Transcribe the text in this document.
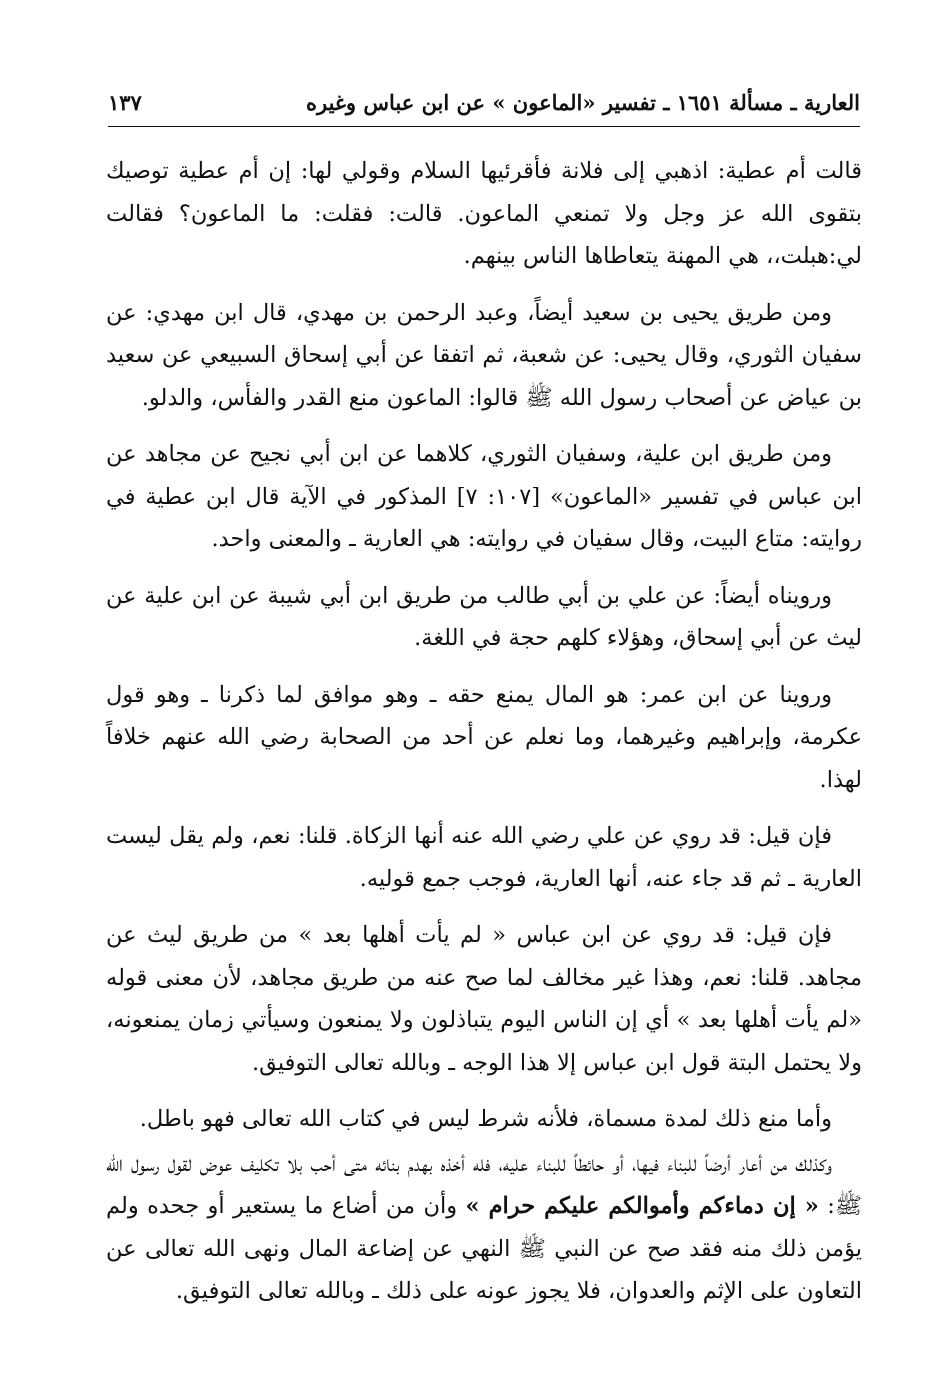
العارية ـ مسألة ١٦٥١ ـ تفسير «الماعون » عن ابن عباس وغيره
١٣٧

قالت أم عطية: اذهبي إلى فلانة فأقرئيها السلام وقولي لها: إن أم عطية توصيك بتقوى الله عز وجل ولا تمنعي الماعون. قالت: فقلت: ما الماعون؟ فقالت لي:هبلت،، هي المهنة يتعاطاها الناس بينهم.

ومن طريق يحيى بن سعيد أيضاً، وعبد الرحمن بن مهدي، قال ابن مهدي: عن سفيان الثوري، وقال يحيى: عن شعبة، ثم اتفقا عن أبي إسحاق السبيعي عن سعيد بن عياض عن أصحاب رسول الله ﷺ قالوا: الماعون منع القدر والفأس، والدلو.

ومن طريق ابن علية، وسفيان الثوري، كلاهما عن ابن أبي نجيح عن مجاهد عن ابن عباس في تفسير «الماعون» [١٠٧: ٧] المذكور في الآية قال ابن عطية في روايته: متاع البيت، وقال سفيان في روايته: هي العارية ـ والمعنى واحد.

ورويناه أيضاً: عن علي بن أبي طالب من طريق ابن أبي شيبة عن ابن علية عن ليث عن أبي إسحاق، وهؤلاء كلهم حجة في اللغة.

وروينا عن ابن عمر: هو المال يمنع حقه ـ وهو موافق لما ذكرنا ـ وهو قول عكرمة، وإبراهيم وغيرهما، وما نعلم عن أحد من الصحابة رضي الله عنهم خلافاً لهذا.

فإن قيل: قد روي عن علي رضي الله عنه أنها الزكاة. قلنا: نعم، ولم يقل ليست العارية ـ ثم قد جاء عنه، أنها العارية، فوجب جمع قوليه.

فإن قيل: قد روي عن ابن عباس « لم يأت أهلها بعد » من طريق ليث عن مجاهد. قلنا: نعم، وهذا غير مخالف لما صح عنه من طريق مجاهد، لأن معنى قوله «لم يأت أهلها بعد » أي إن الناس اليوم يتباذلون ولا يمنعون وسيأتي زمان يمنعونه، ولا يحتمل البتة قول ابن عباس إلا هذا الوجه ـ وبالله تعالى التوفيق.

وأما منع ذلك لمدة مسماة، فلأنه شرط ليس في كتاب الله تعالى فهو باطل.

وكذلك من أعار أرضاً للبناء فيها، أو حائطاً للبناء عليه، فله أخذه بهدم بنائه متى أحب بلا تكليف عوض لقول رسول الله ﷺ: « إن دماءكم وأموالكم عليكم حرام » وأن من أضاع ما يستعير أو جحده ولم يؤمن ذلك منه فقد صح عن النبي ﷺ النهي عن إضاعة المال ونهى الله تعالى عن التعاون على الإثم والعدوان، فلا يجوز عونه على ذلك ـ وبالله تعالى التوفيق.
